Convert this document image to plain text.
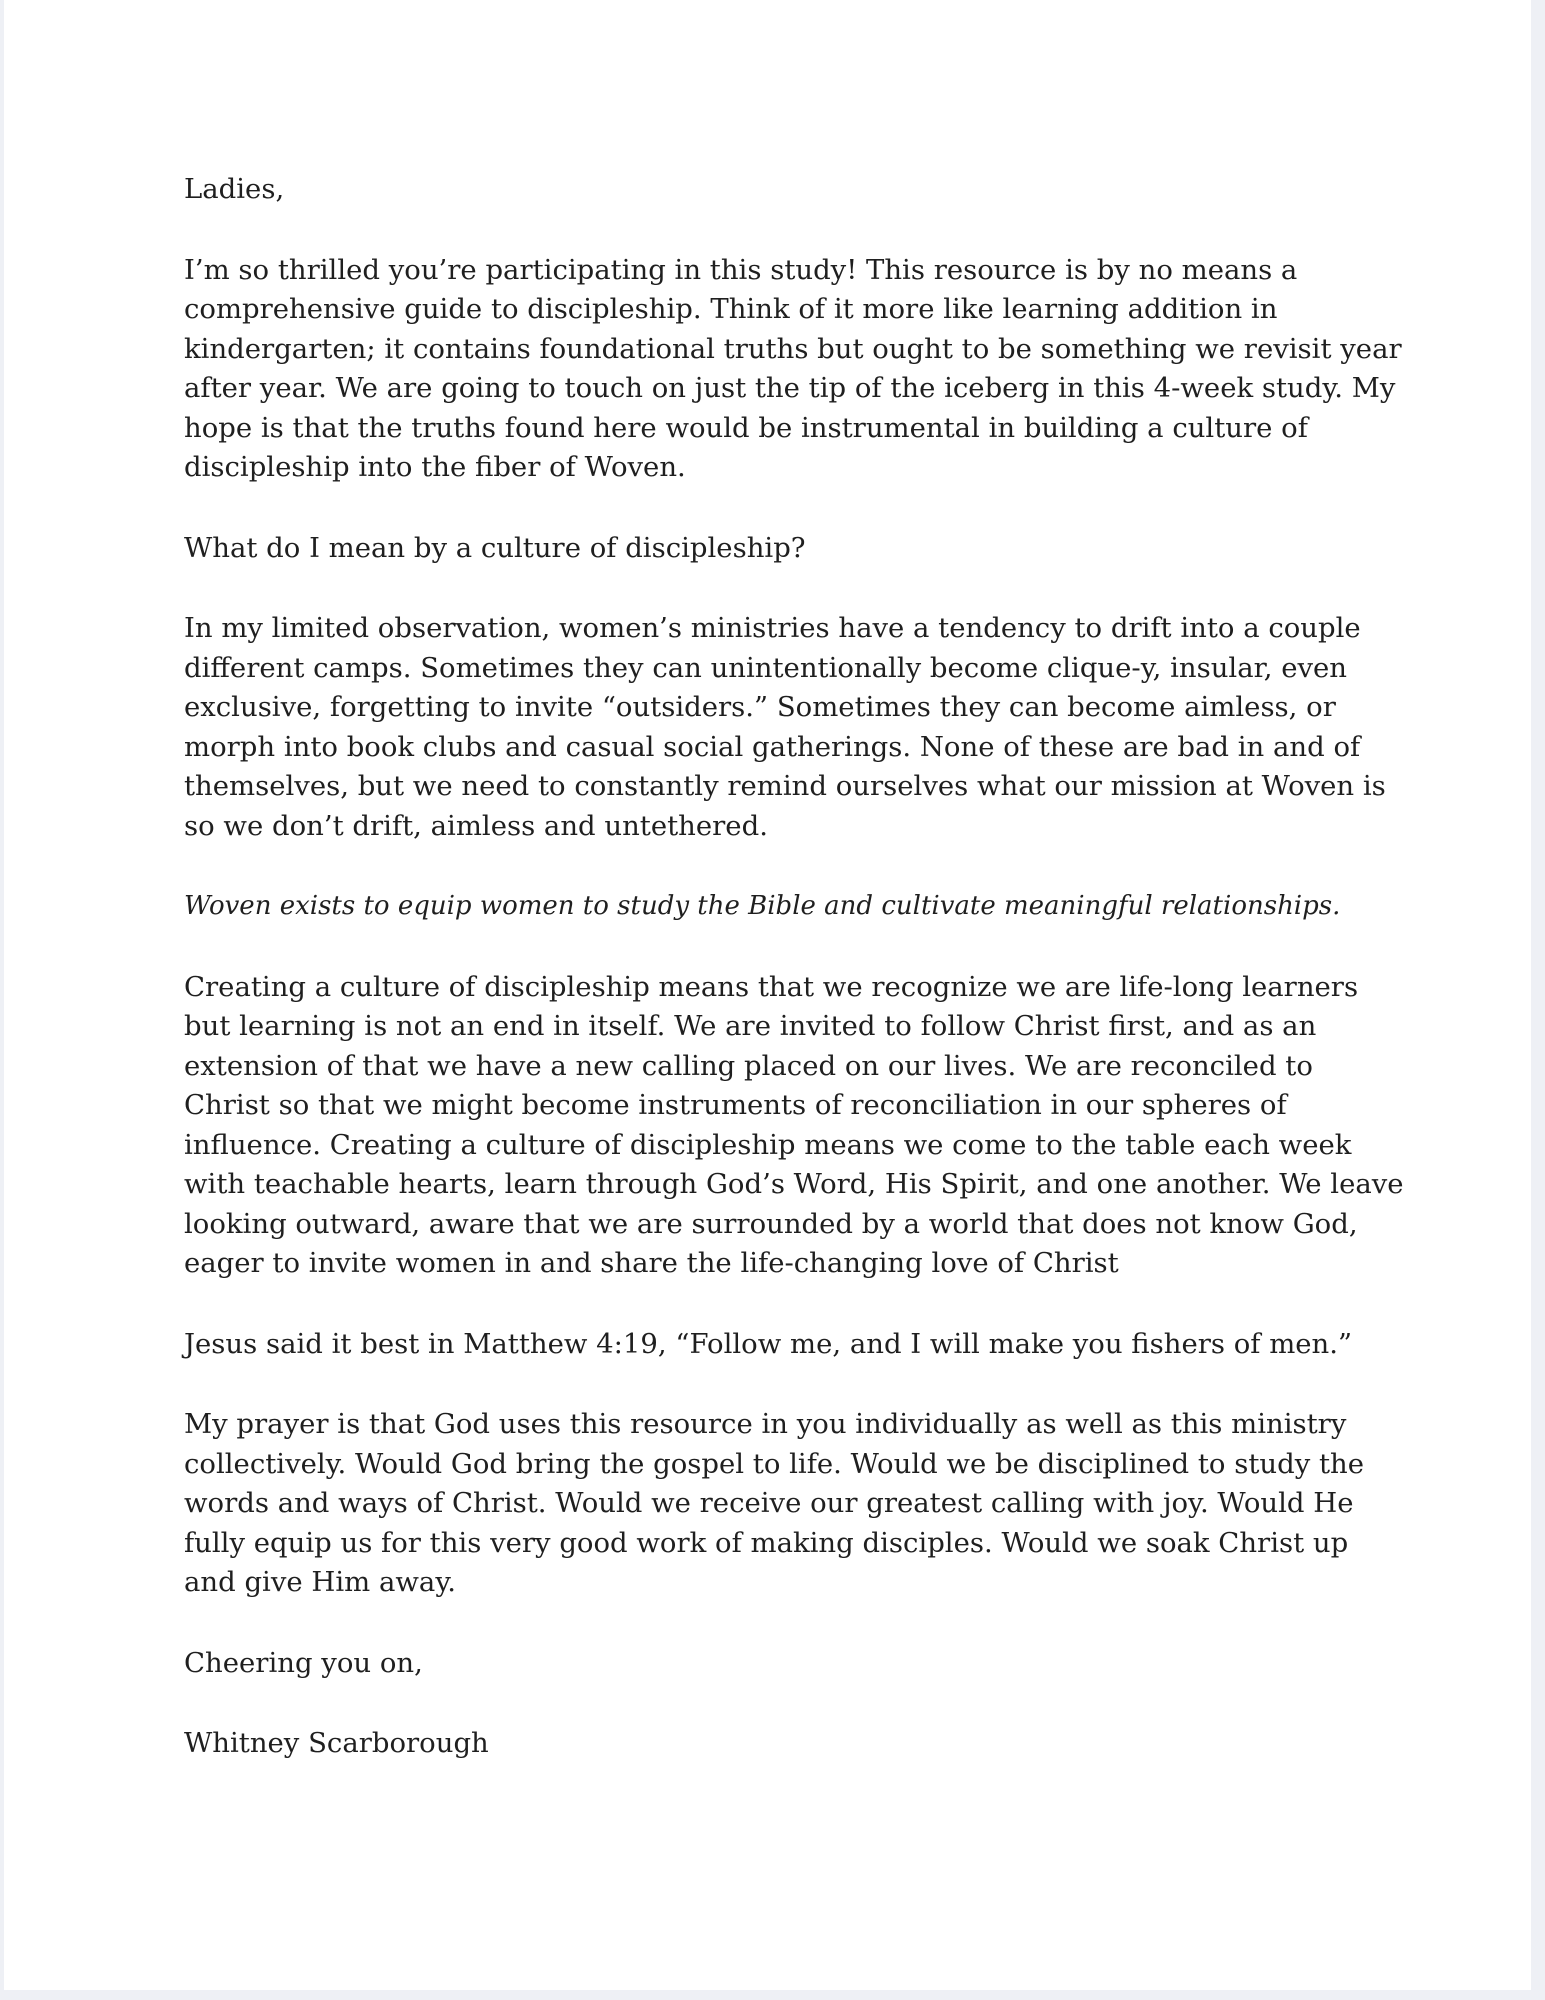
Ladies,

I’m so thrilled you’re participating in this study! This resource is by no means a comprehensive guide to discipleship. Think of it more like learning addition in kindergarten; it contains foundational truths but ought to be something we revisit year after year. We are going to touch on just the tip of the iceberg in this 4-week study. My hope is that the truths found here would be instrumental in building a culture of discipleship into the fiber of Woven.

What do I mean by a culture of discipleship?

In my limited observation, women’s ministries have a tendency to drift into a couple different camps. Sometimes they can unintentionally become clique-y, insular, even exclusive, forgetting to invite “outsiders.” Sometimes they can become aimless, or morph into book clubs and casual social gatherings. None of these are bad in and of themselves, but we need to constantly remind ourselves what our mission at Woven is so we don’t drift, aimless and untethered.

Woven exists to equip women to study the Bible and cultivate meaningful relationships.

Creating a culture of discipleship means that we recognize we are life-long learners but learning is not an end in itself. We are invited to follow Christ first, and as an extension of that we have a new calling placed on our lives. We are reconciled to Christ so that we might become instruments of reconciliation in our spheres of influence. Creating a culture of discipleship means we come to the table each week with teachable hearts, learn through God’s Word, His Spirit, and one another. We leave looking outward, aware that we are surrounded by a world that does not know God, eager to invite women in and share the life-changing love of Christ

Jesus said it best in Matthew 4:19, “Follow me, and I will make you fishers of men.”

My prayer is that God uses this resource in you individually as well as this ministry collectively. Would God bring the gospel to life. Would we be disciplined to study the words and ways of Christ. Would we receive our greatest calling with joy. Would He fully equip us for this very good work of making disciples. Would we soak Christ up and give Him away.

Cheering you on,

Whitney Scarborough
